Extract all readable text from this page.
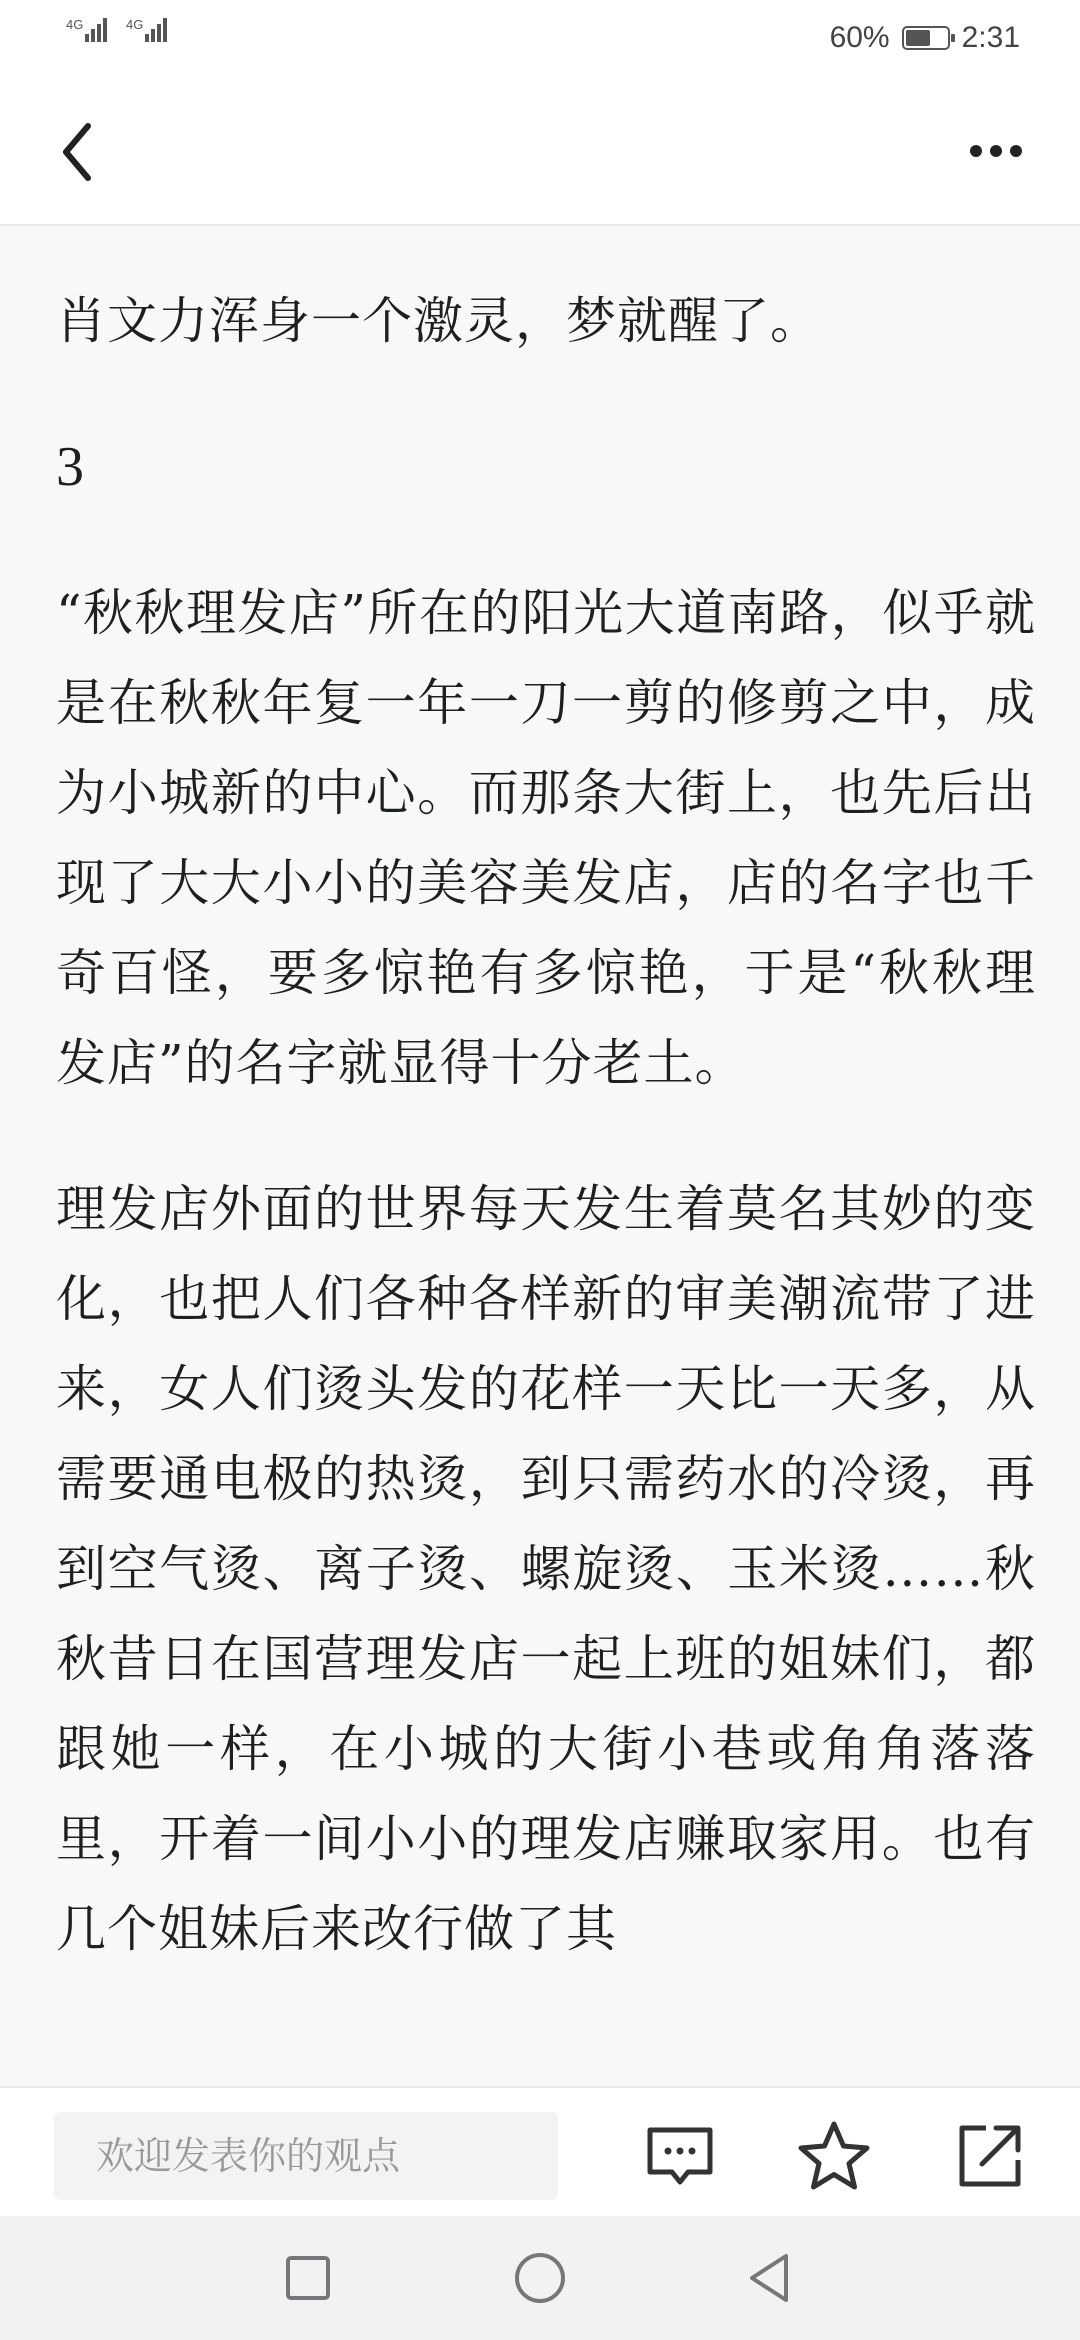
4G	4G	60% 2:31

肖文力浑身一个激灵，梦就醒了。

3

“秋秋理发店”所在的阳光大道南路，似乎就是在秋秋年复一年一刀一剪的修剪之中，成为小城新的中心。而那条大街上，也先后出现了大大小小的美容美发店，店的名字也千奇百怪，要多惊艳有多惊艳，于是“秋秋理发店”的名字就显得十分老土。

理发店外面的世界每天发生着莫名其妙的变化，也把人们各种各样新的审美潮流带了进来，女人们烫头发的花样一天比一天多，从需要通电极的热烫，到只需药水的冷烫，再到空气烫、离子烫、螺旋烫、玉米烫……秋秋昔日在国营理发店一起上班的姐妹们，都跟她一样，在小城的大街小巷或角角落落里，开着一间小小的理发店赚取家用。也有几个姐妹后来改行做了其

欢迎发表你的观点
